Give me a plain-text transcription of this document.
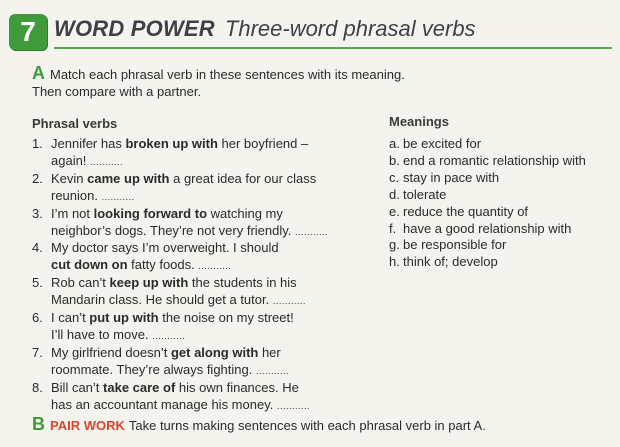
7 WORD POWER Three-word phrasal verbs
A Match each phrasal verb in these sentences with its meaning.
Then compare with a partner.
Phrasal verbs	Meanings
1. Jennifer has broken up with her boyfriend –
again! ...........
2. Kevin came up with a great idea for our class
reunion. ...........
3. I’m not looking forward to watching my
neighbor’s dogs. They’re not very friendly. ...........
4. My doctor says I’m overweight. I should
cut down on fatty foods. ...........
5. Rob can’t keep up with the students in his
Mandarin class. He should get a tutor. ...........
6. I can’t put up with the noise on my street!
I’ll have to move. ...........
7. My girlfriend doesn’t get along with her
roommate. They’re always fighting. ...........
8. Bill can’t take care of his own finances. He
has an accountant manage his money. ...........
a. be excited for
b. end a romantic relationship with
c. stay in pace with
d. tolerate
e. reduce the quantity of
f. have a good relationship with
g. be responsible for
h. think of; develop
B PAIR WORK Take turns making sentences with each phrasal verb in part A.
